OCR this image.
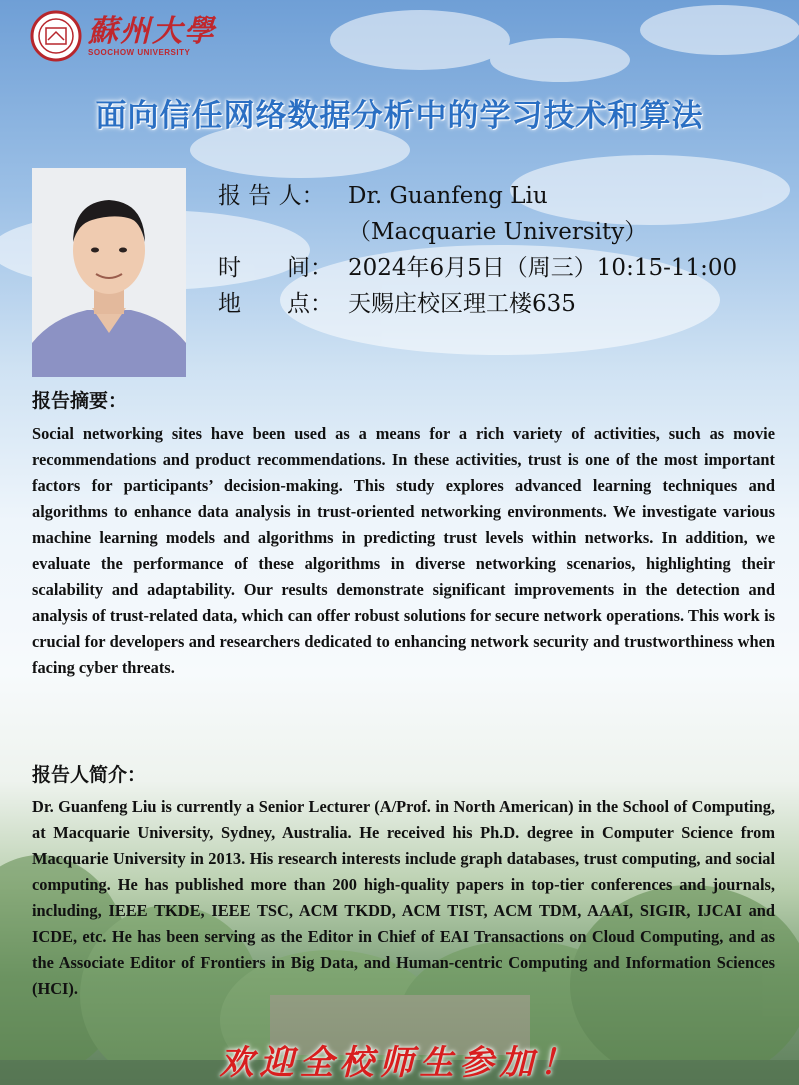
蘇州大學
SOOCHOW UNIVERSITY
面向信任网络数据分析中的学习技术和算法
报 告 人：	Dr. Guanfeng Liu
（Macquarie University）
时　　间： 2024年6月5日（周三）10:15-11:00
地　　点： 天赐庄校区理工楼635
报告摘要：
Social networking sites have been used as a means for a rich variety of activities, such as movie recommendations and product recommendations. In these activities, trust is one of the most important factors for participants’ decision-making. This study explores advanced learning techniques and algorithms to enhance data analysis in trust-oriented networking environments. We investigate various machine learning models and algorithms in predicting trust levels within networks. In addition, we evaluate the performance of these algorithms in diverse networking scenarios, highlighting their scalability and adaptability. Our results demonstrate significant improvements in the detection and analysis of trust-related data, which can offer robust solutions for secure network operations. This work is crucial for developers and researchers dedicated to enhancing network security and trustworthiness when facing cyber threats.
报告人简介：
Dr. Guanfeng Liu is currently a Senior Lecturer (A/Prof. in North American) in the School of Computing, at Macquarie University, Sydney, Australia. He received his Ph.D. degree in Computer Science from Macquarie University in 2013. His research interests include graph databases, trust computing, and social computing. He has published more than 200 high-quality papers in top-tier conferences and journals, including, IEEE TKDE, IEEE TSC, ACM TKDD, ACM TIST, ACM TDM, AAAI, SIGIR, IJCAI and ICDE, etc. He has been serving as the Editor in Chief of EAI Transactions on Cloud Computing, and as the Associate Editor of Frontiers in Big Data, and Human-centric Computing and Information Sciences (HCI).
欢迎全校师生参加！
